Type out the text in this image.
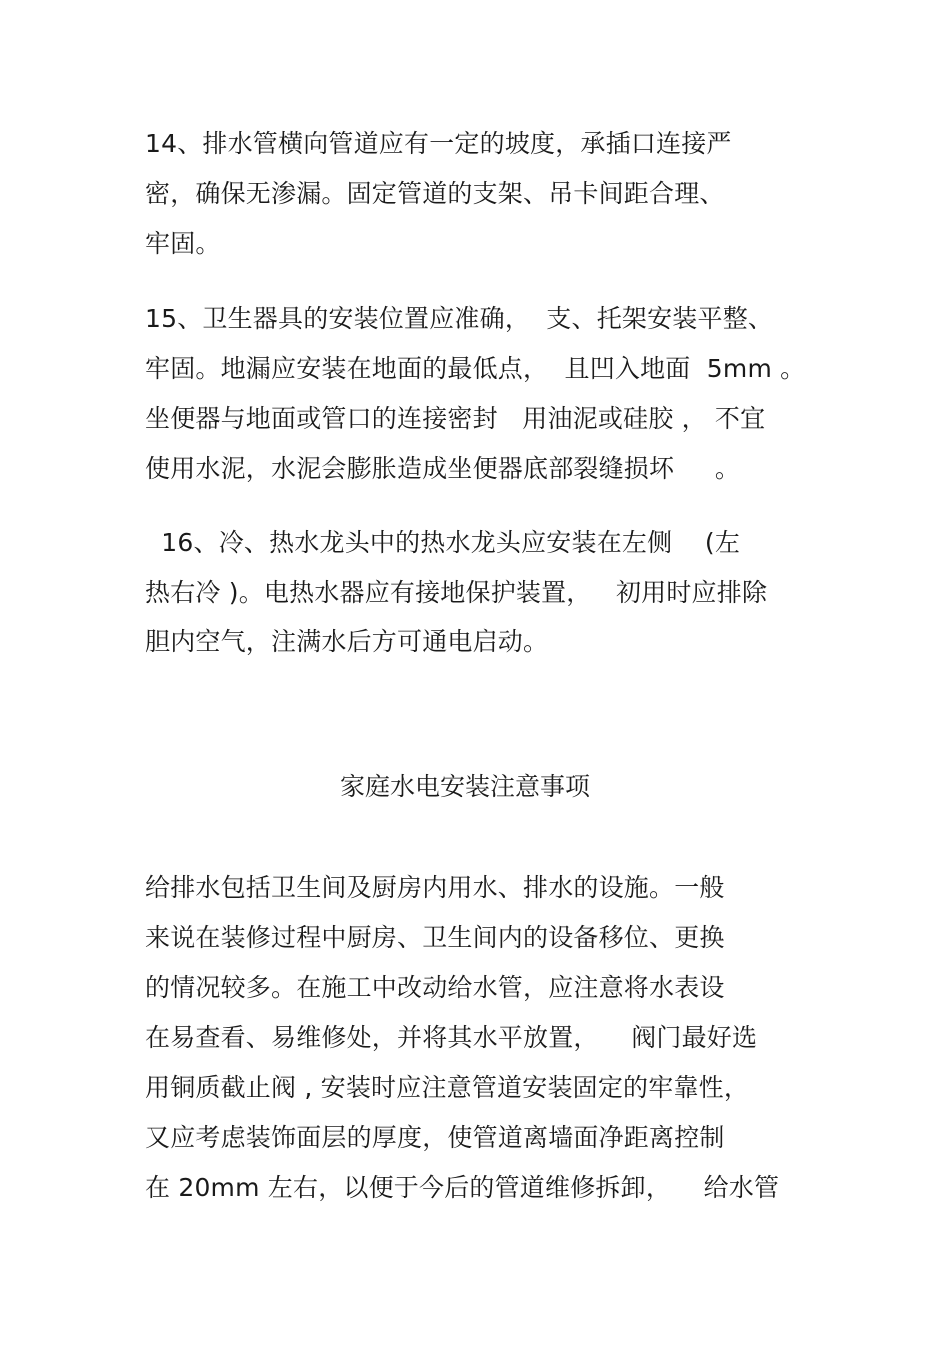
14、排水管横向管道应有一定的坡度，承插口连接严
密，确保无渗漏。固定管道的支架、吊卡间距合理、
牢固。
15、卫生器具的安装位置应准确，  支、托架安装平整、
牢固。地漏应安装在地面的最低点，  且凹入地面  5mm 。
坐便器与地面或管口的连接密封   用油泥或硅胶 ， 不宜
使用水泥，水泥会膨胀造成坐便器底部裂缝损坏     。
16、冷、热水龙头中的热水龙头应安装在左侧    (左
热右冷 )。电热水器应有接地保护装置，   初用时应排除
胆内空气，注满水后方可通电启动。
家庭水电安装注意事项
给排水包括卫生间及厨房内用水、排水的设施。一般
来说在装修过程中厨房、卫生间内的设备移位、更换
的情况较多。在施工中改动给水管，应注意将水表设
在易查看、易维修处，并将其水平放置，    阀门最好选
用铜质截止阀 , 安装时应注意管道安装固定的牢靠性，
又应考虑装饰面层的厚度，使管道离墙面净距离控制
在 20mm 左右，以便于今后的管道维修拆卸，    给水管
